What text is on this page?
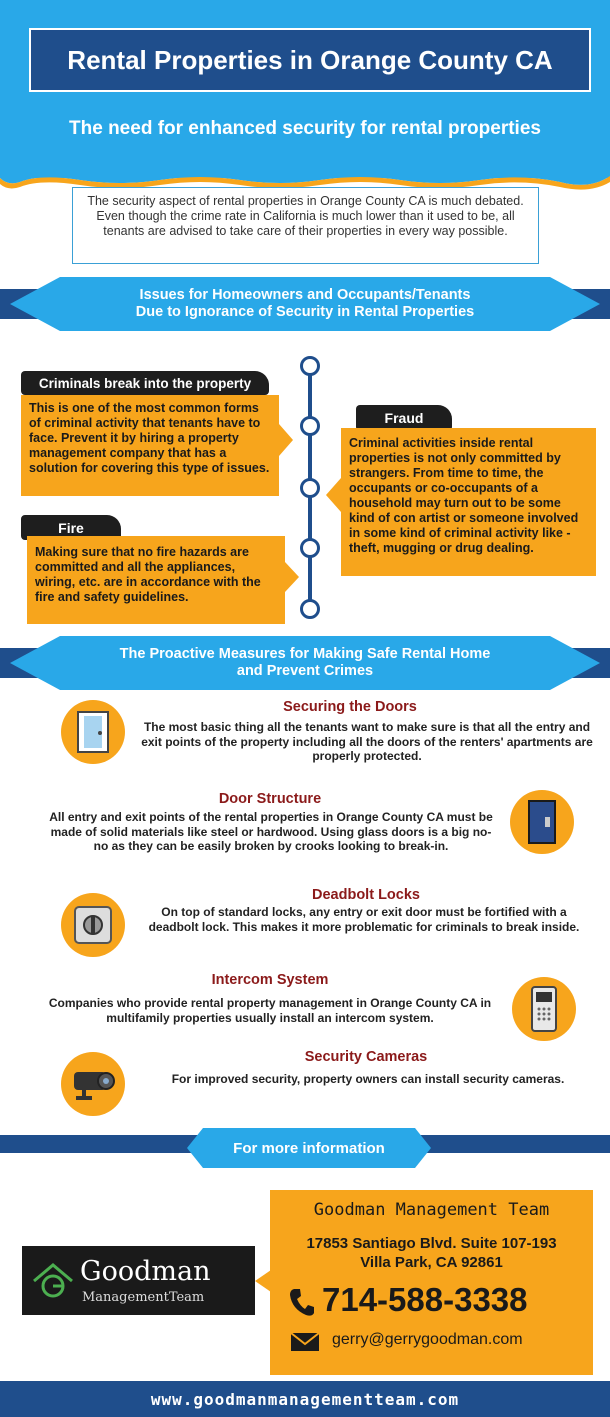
Rental Properties in Orange County CA
The need for enhanced security for rental properties
The security aspect of rental properties in Orange County CA is much debated. Even though the crime rate in California is much lower than it used to be, all tenants are advised to take care of their properties in every way possible.
Issues for Homeowners and Occupants/Tenants
Due to Ignorance of Security in Rental Properties
Criminals break into the property
This is one of the most common forms of criminal activity that tenants have to face. Prevent it by hiring a property management company that has a solution for covering this type of issues.
Fraud
Criminal activities inside rental properties is not only committed by strangers. From time to time, the occupants or co-occupants of a household may turn out to be some kind of con artist or someone involved in some kind of criminal activity like - theft, mugging or drug dealing.
Fire
Making sure that no fire hazards are committed and all the appliances, wiring, etc. are in accordance with the fire and safety guidelines.
The Proactive Measures for Making Safe Rental Home
and Prevent Crimes
Securing the Doors
The most basic thing all the tenants want to make sure is that all the entry and exit points of the property including all the doors of the renters' apartments are properly protected.
Door Structure
All entry and exit points of the rental properties in Orange County CA must be made of solid materials like steel or hardwood. Using glass doors is a big no-no as they can be easily broken by crooks looking to break-in.
Deadbolt Locks
On top of standard locks, any entry or exit door must be fortified with a deadbolt lock. This makes it more problematic for criminals to break inside.
Intercom System
Companies who provide rental property management in Orange County CA in multifamily properties usually install an intercom system.
Security Cameras
For improved security, property owners can install security cameras.
For more information
Goodman
ManagementTeam
Goodman Management Team
17853 Santiago Blvd. Suite 107-193
Villa Park, CA 92861
714-588-3338
gerry@gerrygoodman.com
www.goodmanmanagementteam.com
